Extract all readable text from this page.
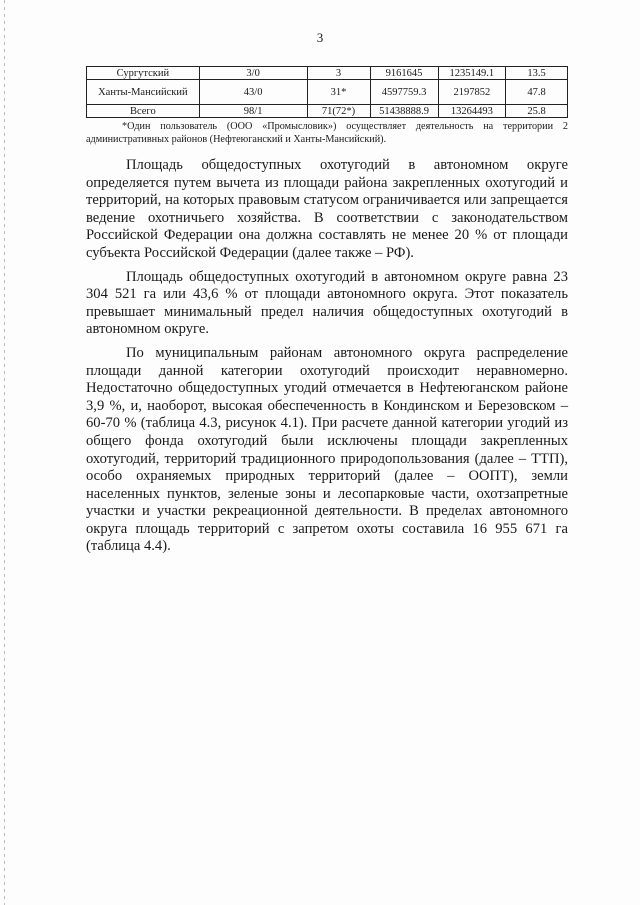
3
Сургутский	3/0	3	9161645	1235149.1	13.5
Ханты-Мансийский	43/0	31*	4597759.3	2197852	47.8
Всего	98/1	71(72*)	51438888.9	13264493	25.8
*Один пользователь (ООО «Промысловик») осуществляет деятельность на территории 2 административных районов (Нефтеюганский и Ханты-Мансийский).

Площадь общедоступных охотугодий в автономном округе определяется путем вычета из площади района закрепленных охотугодий и территорий, на которых правовым статусом ограничивается или запрещается ведение охотничьего хозяйства. В соответствии с законодательством Российской Федерации она должна составлять не менее 20 % от площади субъекта Российской Федерации (далее также – РФ).

Площадь общедоступных охотугодий в автономном округе равна 23 304 521 га или 43,6 % от площади автономного округа. Этот показатель превышает минимальный предел наличия общедоступных охотугодий в автономном округе.

По муниципальным районам автономного округа распределение площади данной категории охотугодий происходит неравномерно. Недостаточно общедоступных угодий отмечается в Нефтеюганском районе 3,9 %, и, наоборот, высокая обеспеченность в Кондинском и Березовском – 60-70 % (таблица 4.3, рисунок 4.1). При расчете данной категории угодий из общего фонда охотугодий были исключены площади закрепленных охотугодий, территорий традиционного природопользования (далее – ТТП), особо охраняемых природных территорий (далее – ООПТ), земли населенных пунктов, зеленые зоны и лесопарковые части, охотзапретные участки и участки рекреационной деятельности. В пределах автономного округа площадь территорий с запретом охоты составила 16 955 671 га (таблица 4.4).
